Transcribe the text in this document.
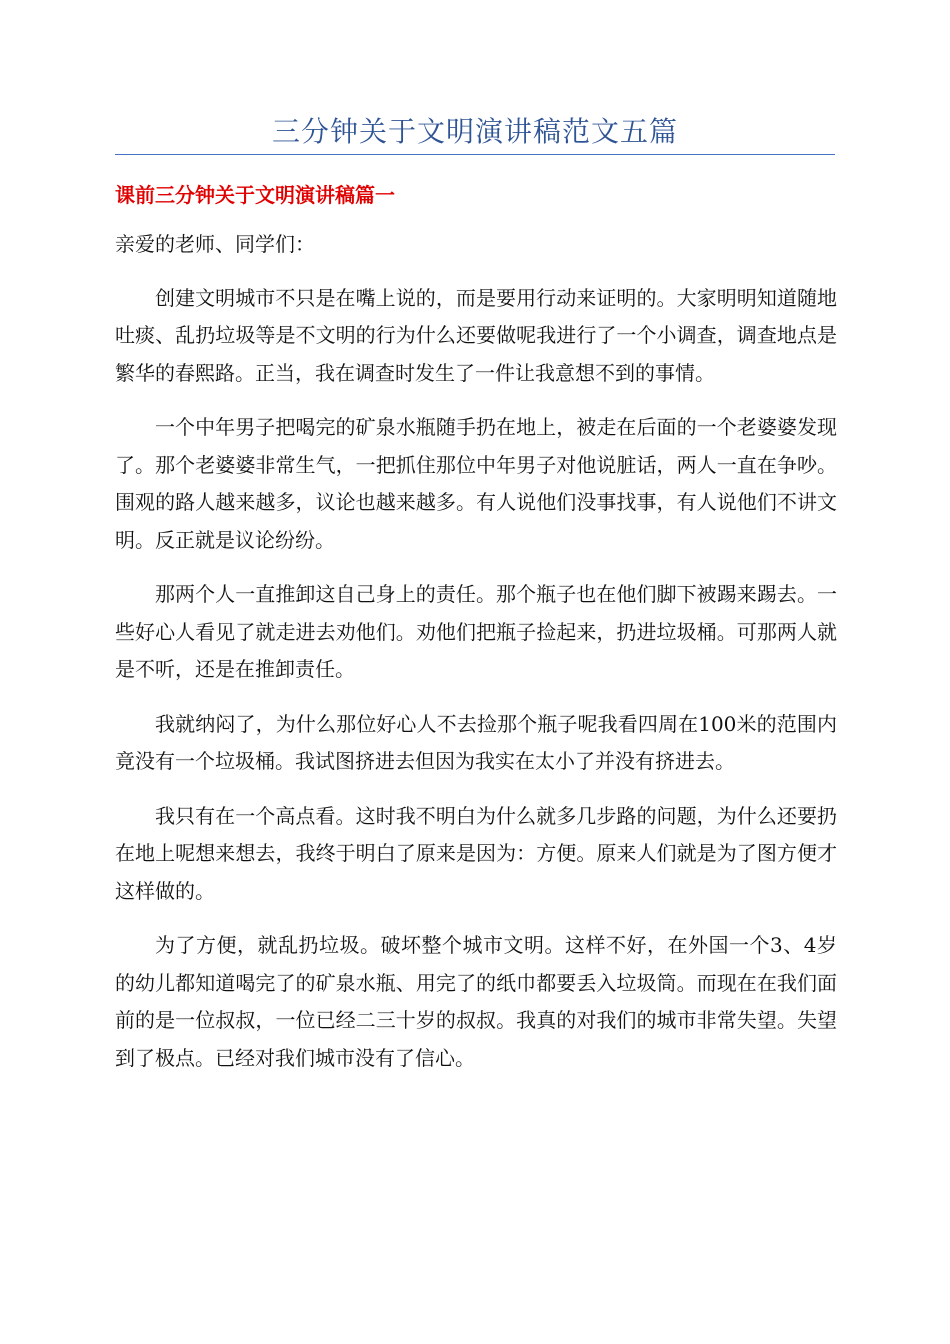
三分钟关于文明演讲稿范文五篇
课前三分钟关于文明演讲稿篇一

亲爱的老师、同学们：

创建文明城市不只是在嘴上说的，而是要用行动来证明的。大家明明知道随地吐痰、乱扔垃圾等是不文明的行为什么还要做呢我进行了一个小调查，调查地点是繁华的春熙路。正当，我在调查时发生了一件让我意想不到的事情。

一个中年男子把喝完的矿泉水瓶随手扔在地上，被走在后面的一个老婆婆发现了。那个老婆婆非常生气，一把抓住那位中年男子对他说脏话，两人一直在争吵。围观的路人越来越多，议论也越来越多。有人说他们没事找事，有人说他们不讲文明。反正就是议论纷纷。

那两个人一直推卸这自己身上的责任。那个瓶子也在他们脚下被踢来踢去。一些好心人看见了就走进去劝他们。劝他们把瓶子捡起来，扔进垃圾桶。可那两人就是不听，还是在推卸责任。

我就纳闷了，为什么那位好心人不去捡那个瓶子呢我看四周在100米的范围内竟没有一个垃圾桶。我试图挤进去但因为我实在太小了并没有挤进去。

我只有在一个高点看。这时我不明白为什么就多几步路的问题，为什么还要扔在地上呢想来想去，我终于明白了原来是因为：方便。原来人们就是为了图方便才这样做的。

为了方便，就乱扔垃圾。破坏整个城市文明。这样不好，在外国一个3、4岁的幼儿都知道喝完了的矿泉水瓶、用完了的纸巾都要丢入垃圾筒。而现在在我们面前的是一位叔叔，一位已经二三十岁的叔叔。我真的对我们的城市非常失望。失望到了极点。已经对我们城市没有了信心。
